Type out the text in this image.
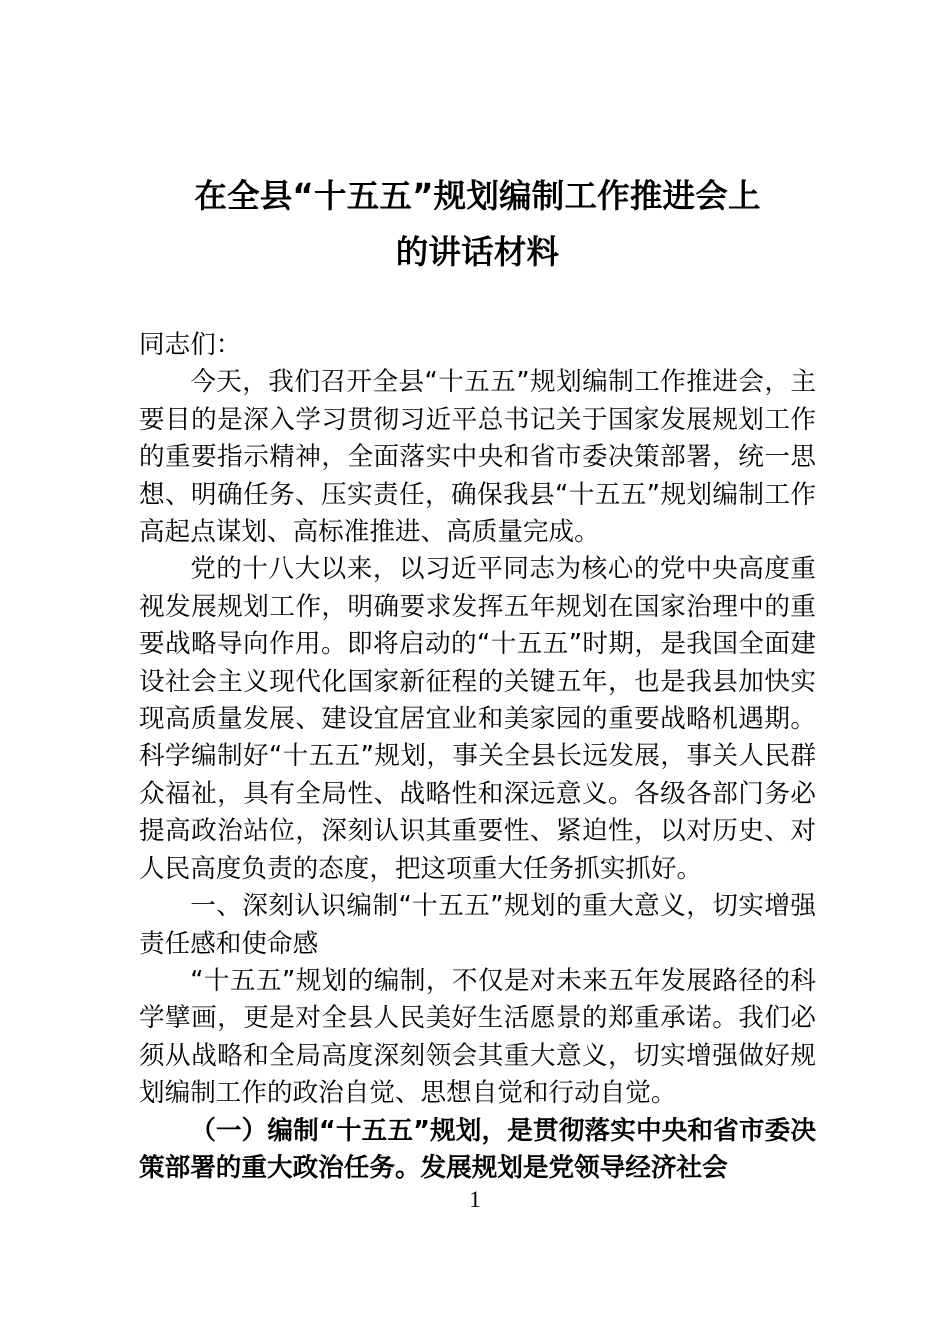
在全县“十五五”规划编制工作推进会上
的讲话材料

同志们：

今天，我们召开全县“十五五”规划编制工作推进会，主要目的是深入学习贯彻习近平总书记关于国家发展规划工作的重要指示精神，全面落实中央和省市委决策部署，统一思想、明确任务、压实责任，确保我县“十五五”规划编制工作高起点谋划、高标准推进、高质量完成。

党的十八大以来，以习近平同志为核心的党中央高度重视发展规划工作，明确要求发挥五年规划在国家治理中的重要战略导向作用。即将启动的“十五五”时期，是我国全面建设社会主义现代化国家新征程的关键五年，也是我县加快实现高质量发展、建设宜居宜业和美家园的重要战略机遇期。科学编制好“十五五”规划，事关全县长远发展，事关人民群众福祉，具有全局性、战略性和深远意义。各级各部门务必提高政治站位，深刻认识其重要性、紧迫性，以对历史、对人民高度负责的态度，把这项重大任务抓实抓好。

一、深刻认识编制“十五五”规划的重大意义，切实增强责任感和使命感

“十五五”规划的编制，不仅是对未来五年发展路径的科学擘画，更是对全县人民美好生活愿景的郑重承诺。我们必须从战略和全局高度深刻领会其重大意义，切实增强做好规划编制工作的政治自觉、思想自觉和行动自觉。

（一）编制“十五五”规划，是贯彻落实中央和省市委决策部署的重大政治任务。发展规划是党领导经济社会

1
